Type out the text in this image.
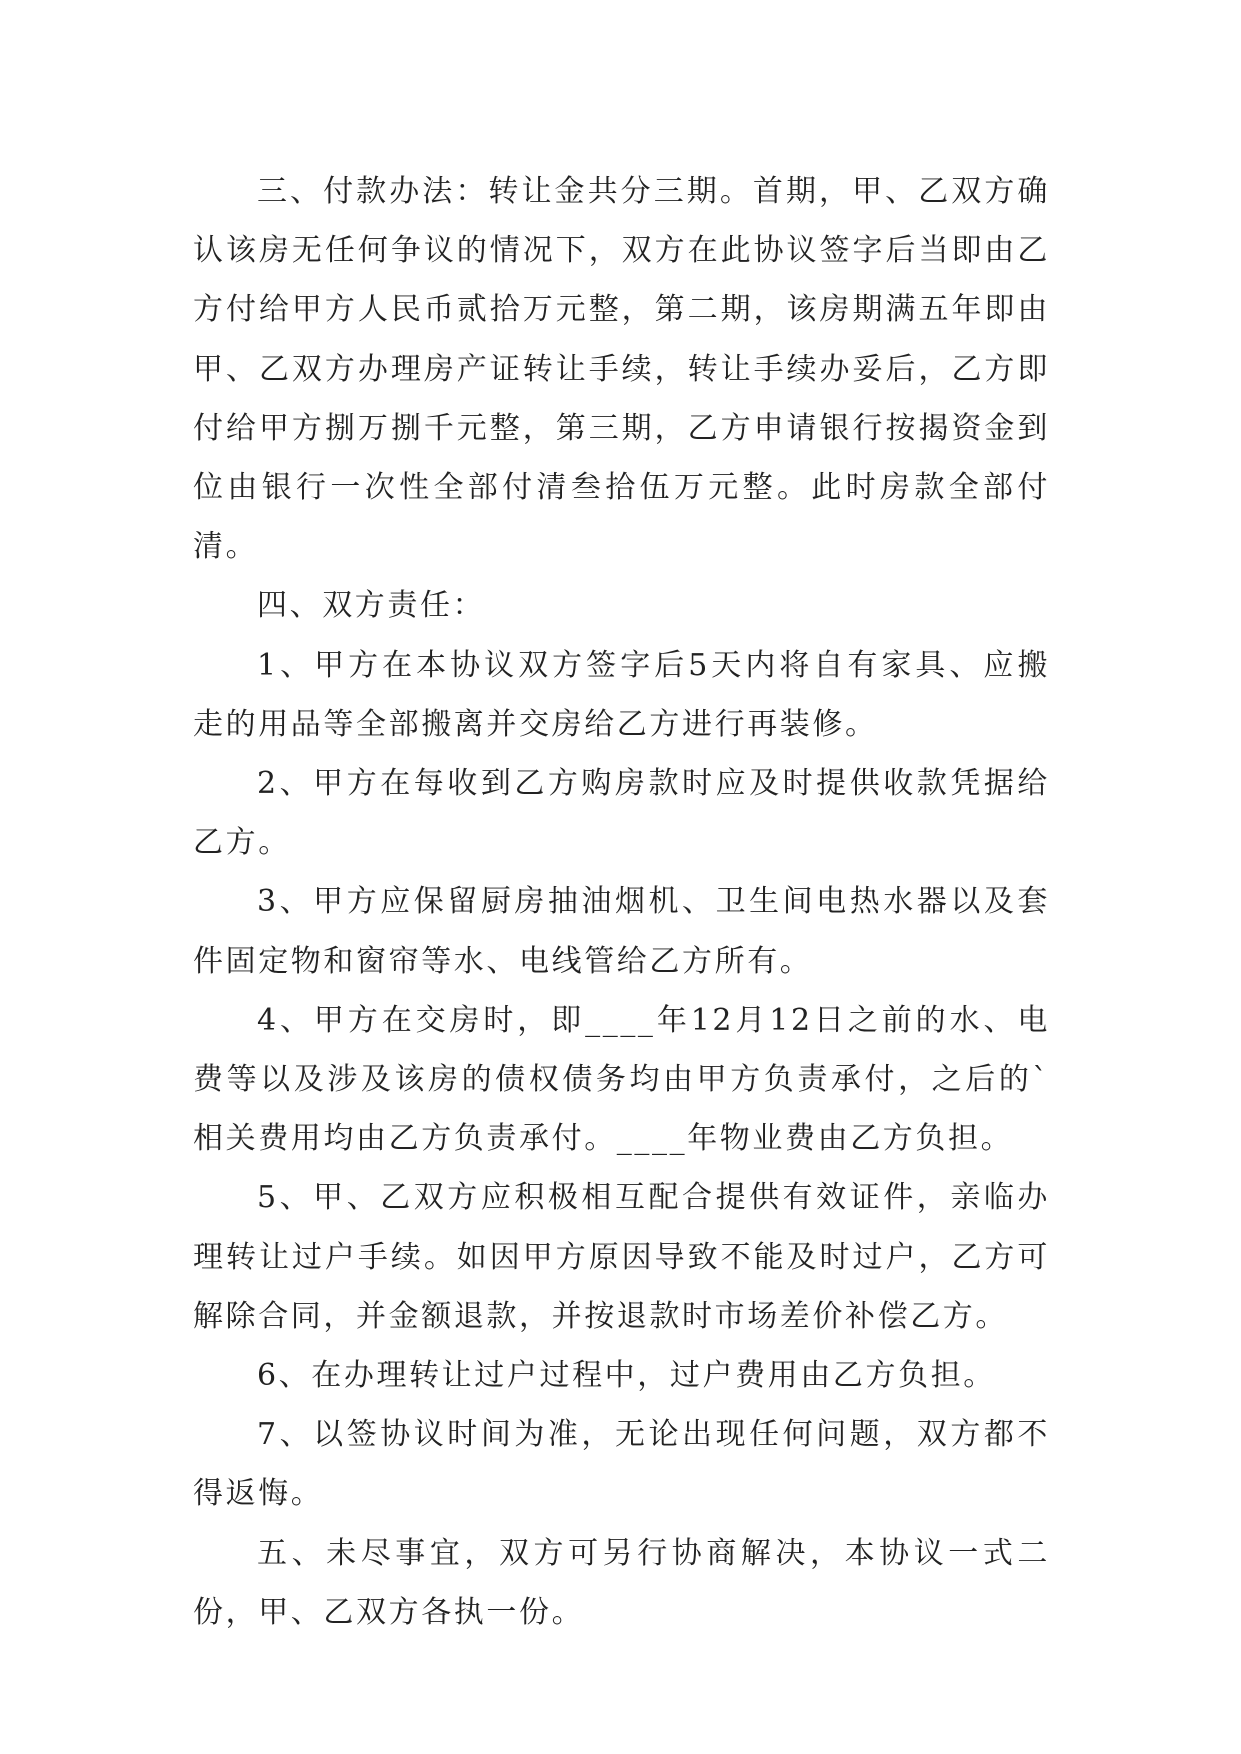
三、付款办法：转让金共分三期。首期，甲、乙双方确认该房无任何争议的情况下，双方在此协议签字后当即由乙方付给甲方人民币贰拾万元整，第二期，该房期满五年即由甲、乙双方办理房产证转让手续，转让手续办妥后，乙方即付给甲方捌万捌千元整，第三期，乙方申请银行按揭资金到位由银行一次性全部付清叁拾伍万元整。此时房款全部付清。

四、双方责任：

1、甲方在本协议双方签字后5天内将自有家具、应搬走的用品等全部搬离并交房给乙方进行再装修。

2、甲方在每收到乙方购房款时应及时提供收款凭据给乙方。

3、甲方应保留厨房抽油烟机、卫生间电热水器以及套件固定物和窗帘等水、电线管给乙方所有。

4、甲方在交房时，即____年12月12日之前的水、电费等以及涉及该房的债权债务均由甲方负责承付，之后的`相关费用均由乙方负责承付。____年物业费由乙方负担。

5、甲、乙双方应积极相互配合提供有效证件，亲临办理转让过户手续。如因甲方原因导致不能及时过户，乙方可解除合同，并金额退款，并按退款时市场差价补偿乙方。

6、在办理转让过户过程中，过户费用由乙方负担。

7、以签协议时间为准，无论出现任何问题，双方都不得返悔。

五、未尽事宜，双方可另行协商解决，本协议一式二份，甲、乙双方各执一份。
